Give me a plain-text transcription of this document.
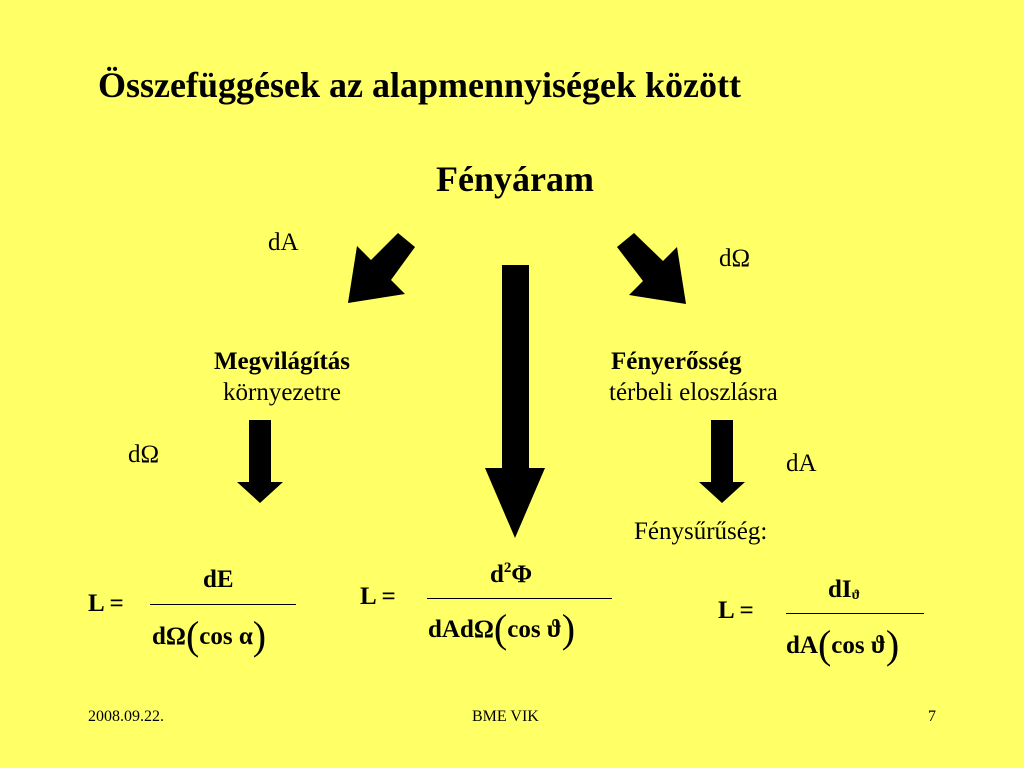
Összefüggések az alapmennyiségek között
Fényáram
dA
dΩ
Megvilágítás
környezetre
Fényerősség
térbeli eloszlásra
dΩ	dA
Fénysűrűség:
L =
dE
dΩ(cos α)
L =
$d^2\Phi$
dAdΩ(cos ϑ)	L =
dIϑ
dA(cos ϑ)
2008.09.22.	BME VIK	7
